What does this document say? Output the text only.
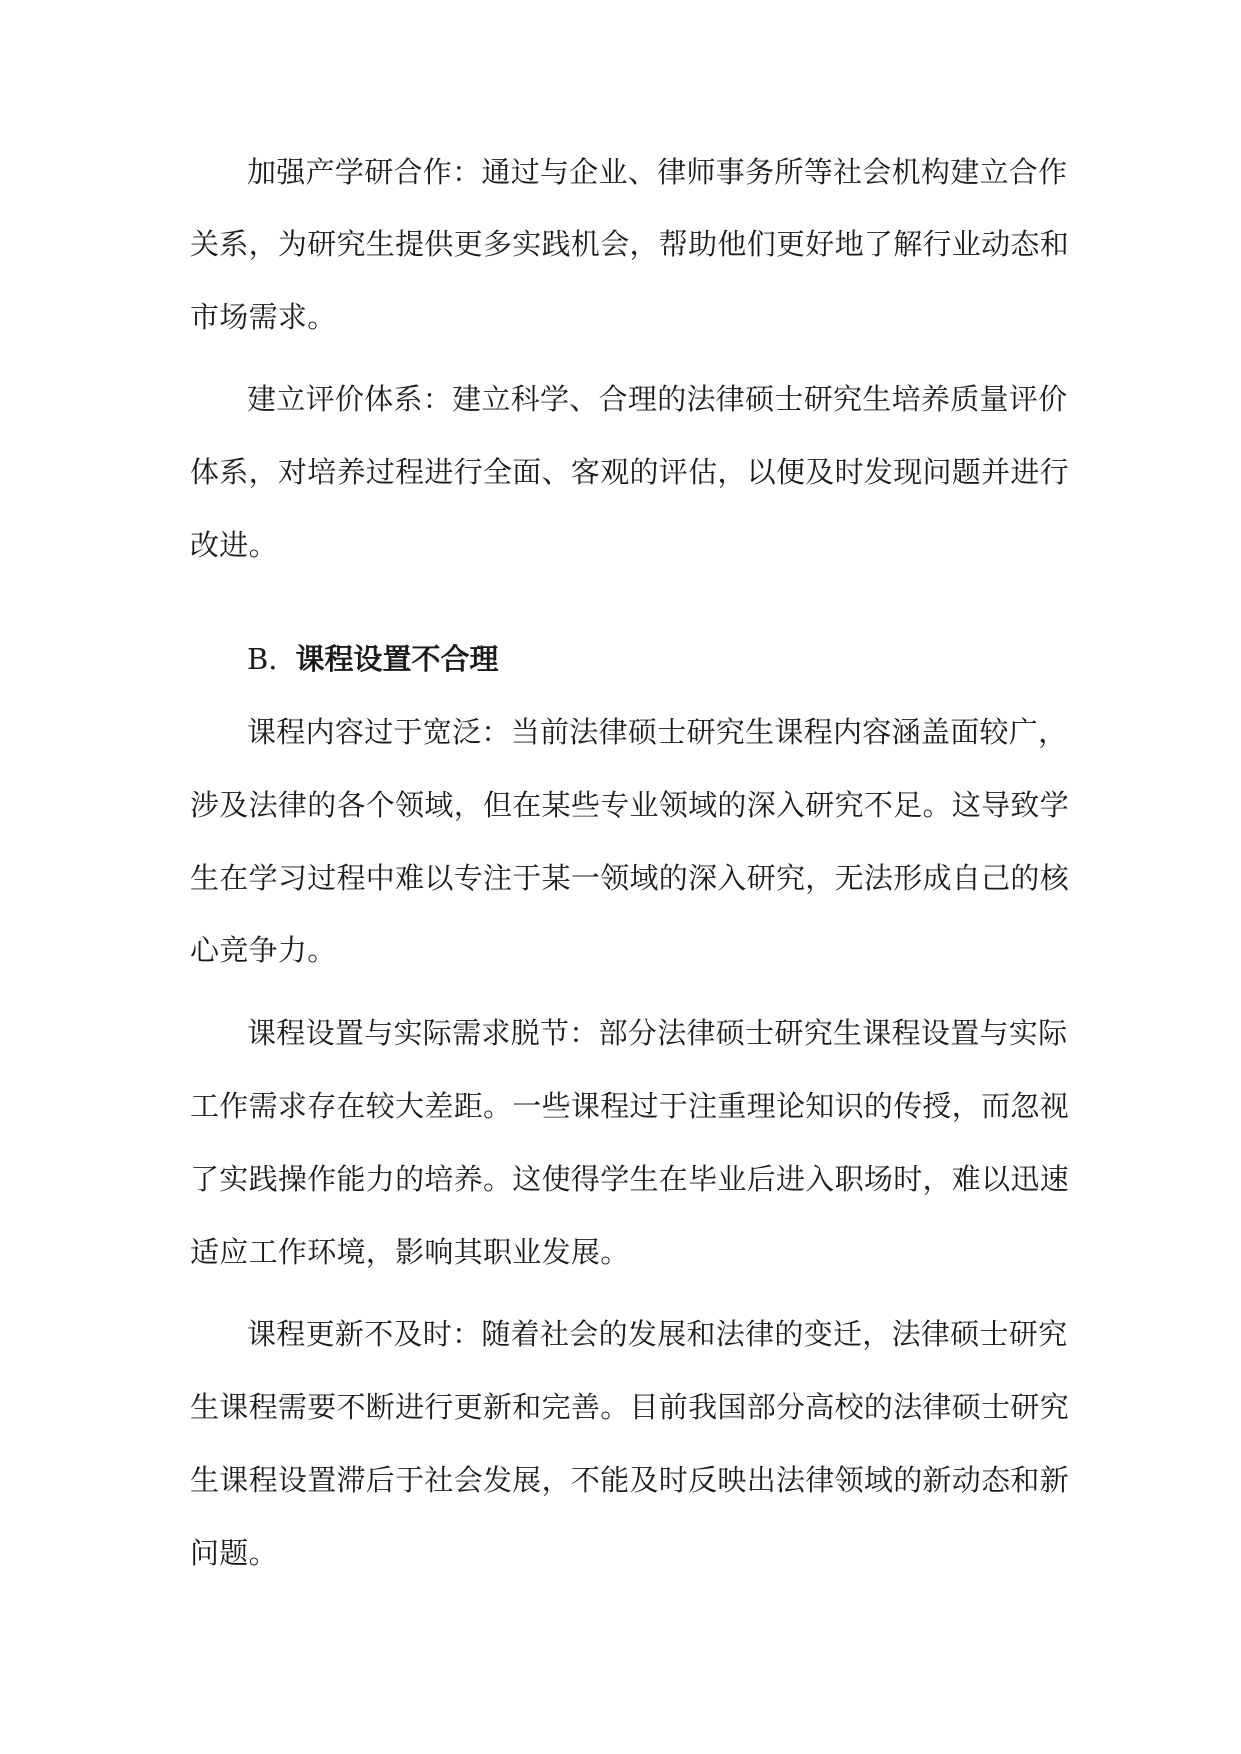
加强产学研合作：通过与企业、律师事务所等社会机构建立合作
关系，为研究生提供更多实践机会，帮助他们更好地了解行业动态和
市场需求。
建立评价体系：建立科学、合理的法律硕士研究生培养质量评价
体系，对培养过程进行全面、客观的评估，以便及时发现问题并进行
改进。
B. 课程设置不合理
课程内容过于宽泛：当前法律硕士研究生课程内容涵盖面较广，
涉及法律的各个领域，但在某些专业领域的深入研究不足。这导致学
生在学习过程中难以专注于某一领域的深入研究，无法形成自己的核
心竞争力。
课程设置与实际需求脱节：部分法律硕士研究生课程设置与实际
工作需求存在较大差距。一些课程过于注重理论知识的传授，而忽视
了实践操作能力的培养。这使得学生在毕业后进入职场时，难以迅速
适应工作环境，影响其职业发展。
课程更新不及时：随着社会的发展和法律的变迁，法律硕士研究
生课程需要不断进行更新和完善。目前我国部分高校的法律硕士研究
生课程设置滞后于社会发展，不能及时反映出法律领域的新动态和新
问题。
